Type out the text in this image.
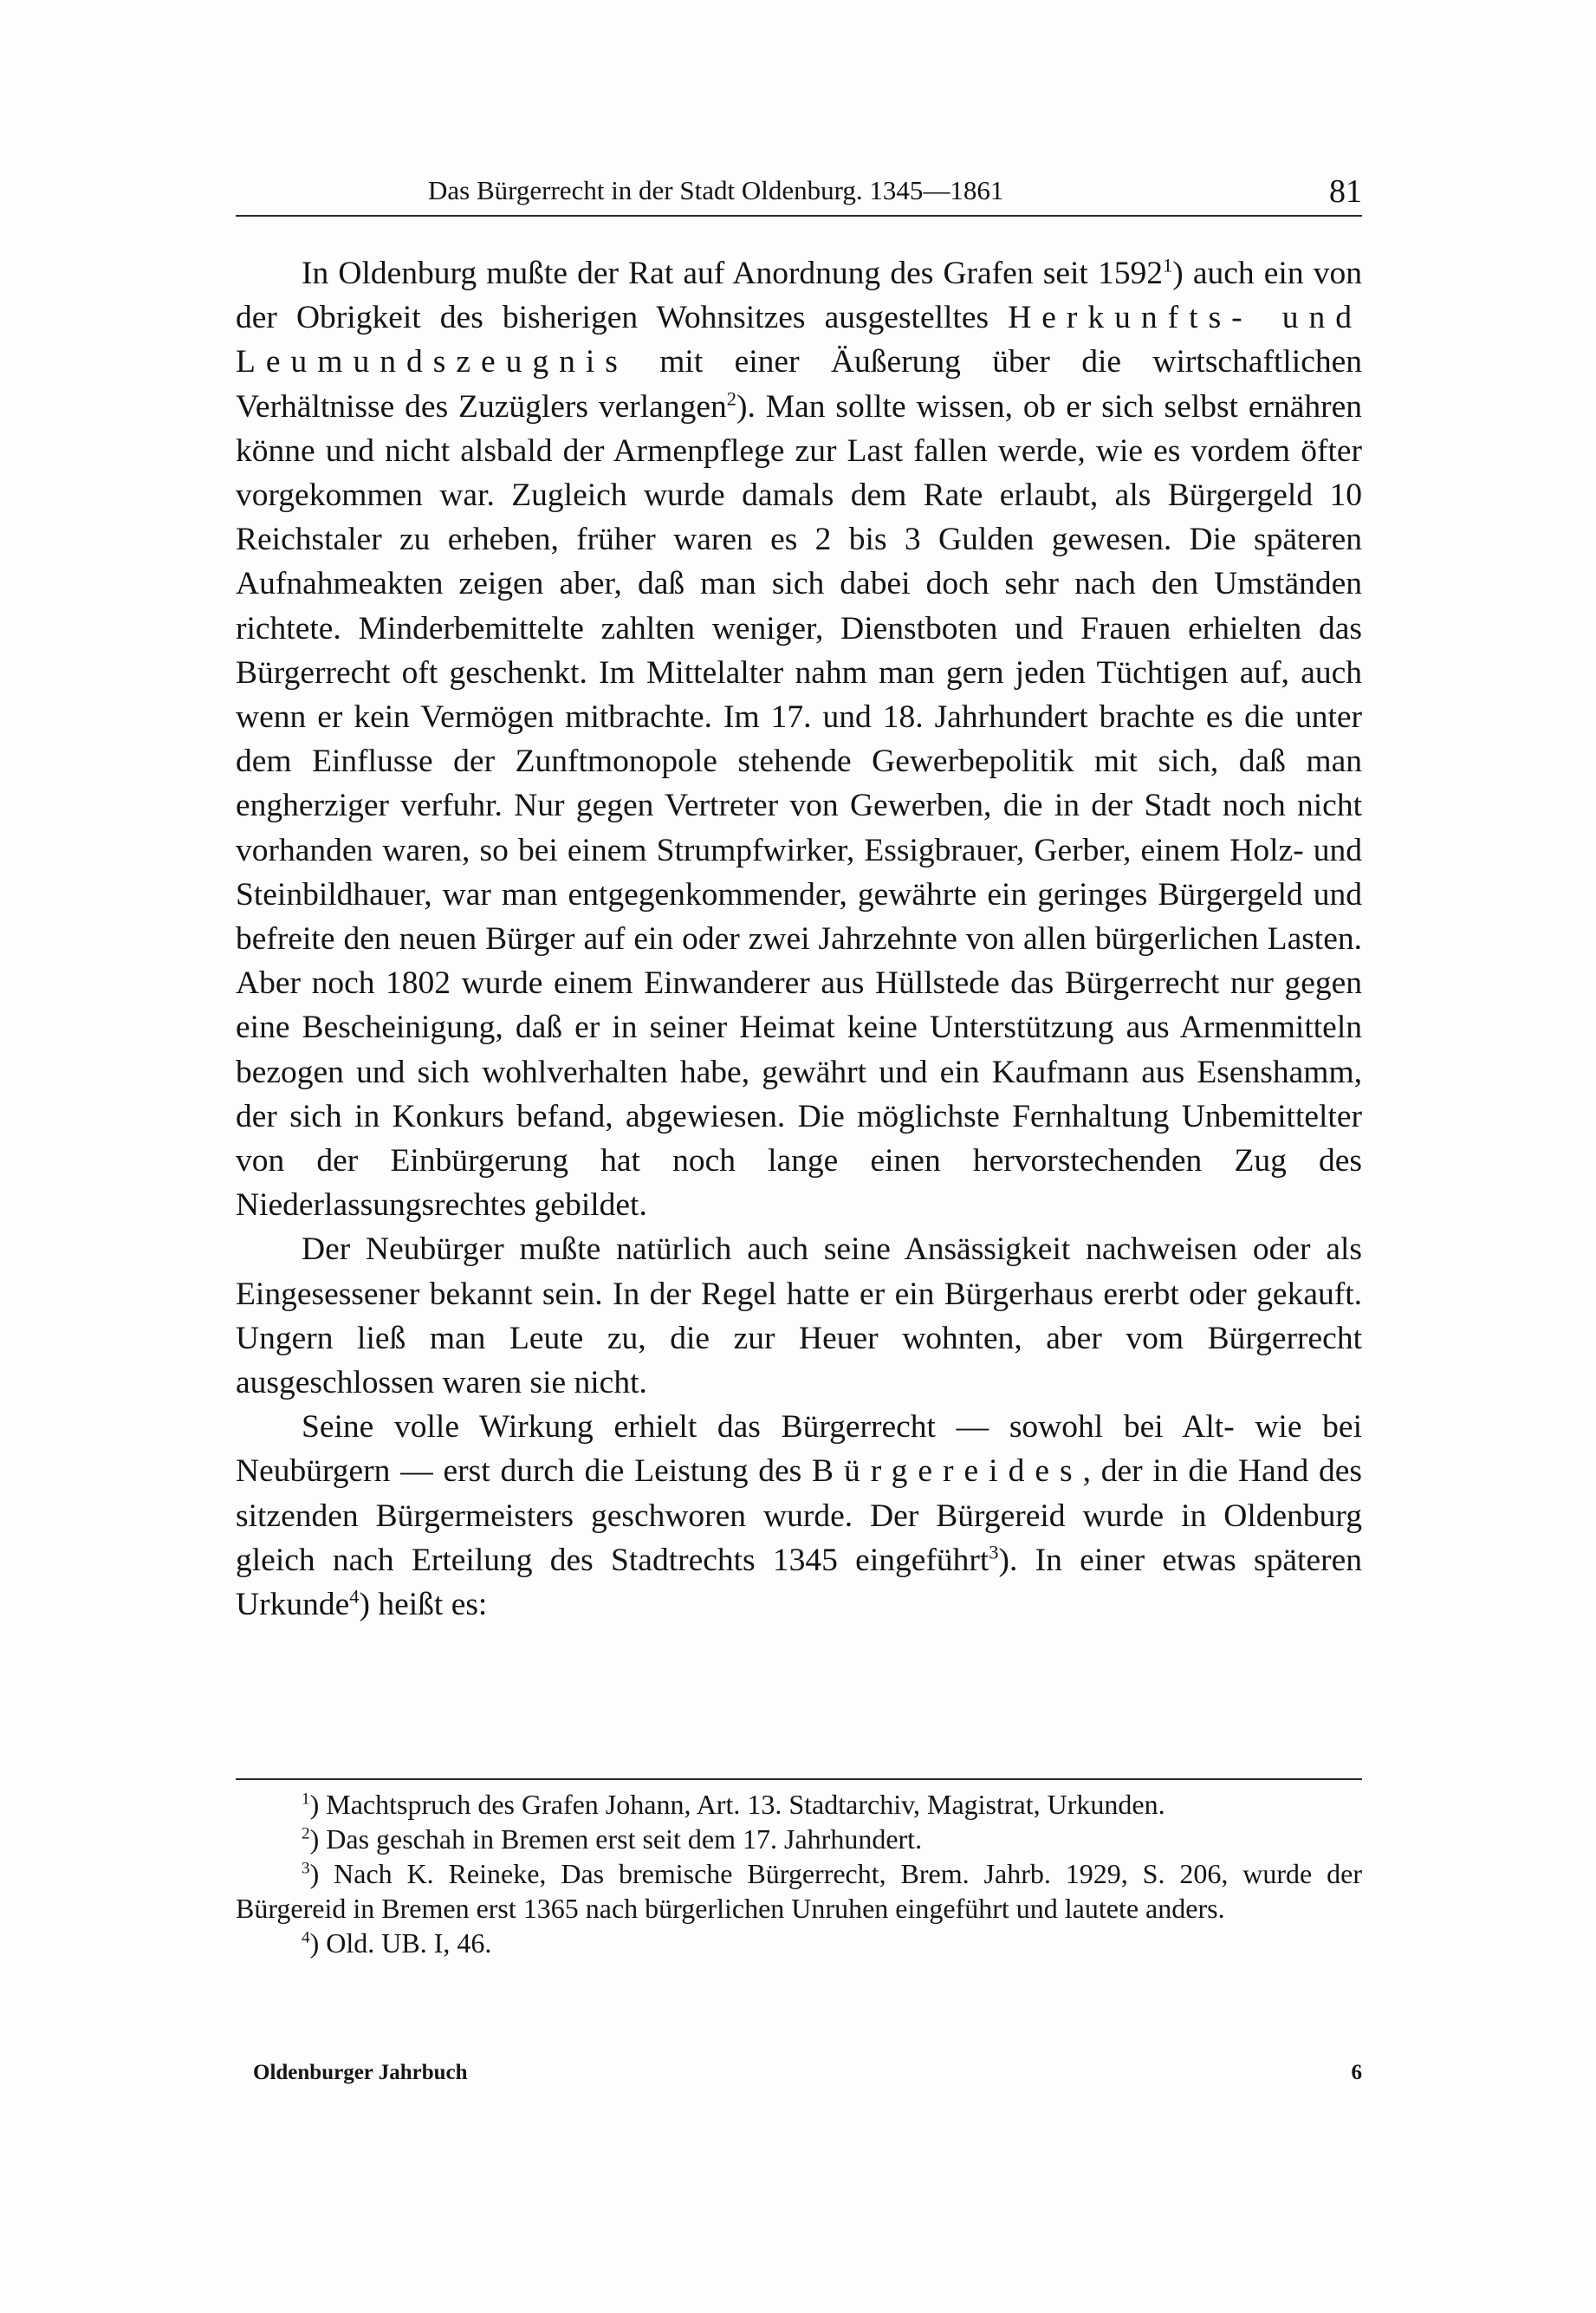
Das Bürgerrecht in der Stadt Oldenburg. 1345—1861	81

In Oldenburg mußte der Rat auf Anordnung des Grafen seit 1592$^1$) auch ein von der Obrigkeit des bisherigen Wohnsitzes ausgestelltes Herkunfts- und Leumundszeugnis mit einer Äußerung über die wirtschaftlichen Verhältnisse des Zuzüglers verlangen$^2$). Man sollte wissen, ob er sich selbst ernähren könne und nicht alsbald der Armenpflege zur Last fallen werde, wie es vordem öfter vorgekommen war. Zugleich wurde damals dem Rate erlaubt, als Bürgergeld 10 Reichstaler zu erheben, früher waren es 2 bis 3 Gulden gewesen. Die späteren Aufnahmeakten zeigen aber, daß man sich dabei doch sehr nach den Umständen richtete. Minderbemittelte zahlten weniger, Dienstboten und Frauen erhielten das Bürgerrecht oft geschenkt. Im Mittelalter nahm man gern jeden Tüchtigen auf, auch wenn er kein Vermögen mitbrachte. Im 17. und 18. Jahrhundert brachte es die unter dem Einflusse der Zunftmonopole stehende Gewerbepolitik mit sich, daß man engherziger verfuhr. Nur gegen Vertreter von Gewerben, die in der Stadt noch nicht vorhanden waren, so bei einem Strumpfwirker, Essigbrauer, Gerber, einem Holz- und Steinbildhauer, war man entgegenkommender, gewährte ein geringes Bürgergeld und befreite den neuen Bürger auf ein oder zwei Jahrzehnte von allen bürgerlichen Lasten. Aber noch 1802 wurde einem Einwanderer aus Hüllstede das Bürgerrecht nur gegen eine Bescheinigung, daß er in seiner Heimat keine Unterstützung aus Armenmitteln bezogen und sich wohlverhalten habe, gewährt und ein Kaufmann aus Esenshamm, der sich in Konkurs befand, abgewiesen. Die möglichste Fernhaltung Unbemittelter von der Einbürgerung hat noch lange einen hervorstechenden Zug des Niederlassungsrechtes gebildet.

Der Neubürger mußte natürlich auch seine Ansässigkeit nachweisen oder als Eingesessener bekannt sein. In der Regel hatte er ein Bürgerhaus ererbt oder gekauft. Ungern ließ man Leute zu, die zur Heuer wohnten, aber vom Bürgerrecht ausgeschlossen waren sie nicht.

Seine volle Wirkung erhielt das Bürgerrecht — sowohl bei Alt- wie bei Neubürgern — erst durch die Leistung des Bürgereides, der in die Hand des sitzenden Bürgermeisters geschworen wurde. Der Bürgereid wurde in Oldenburg gleich nach Erteilung des Stadtrechts 1345 eingeführt$^3$). In einer etwas späteren Urkunde$^4$) heißt es:

$^1$) Machtspruch des Grafen Johann, Art. 13. Stadtarchiv, Magistrat, Urkunden.

$^2$) Das geschah in Bremen erst seit dem 17. Jahrhundert.

$^3$) Nach K. Reineke, Das bremische Bürgerrecht, Brem. Jahrb. 1929, S. 206, wurde der Bürgereid in Bremen erst 1365 nach bürgerlichen Unruhen eingeführt und lautete anders.

$^4$) Old. UB. I, 46.

Oldenburger Jahrbuch	6
